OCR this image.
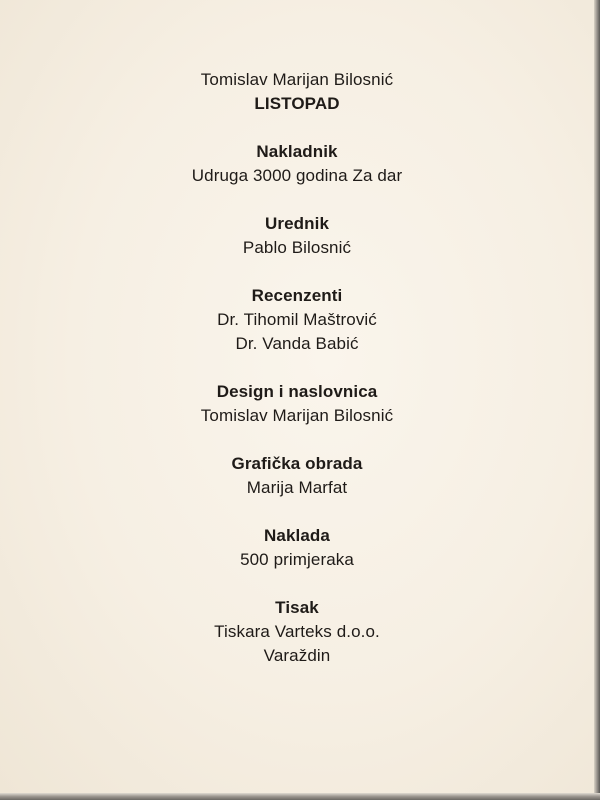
Tomislav Marijan Bilosnić
LISTOPAD
Nakladnik
Udruga 3000 godina Za dar
Urednik
Pablo Bilosnić
Recenzenti
Dr. Tihomil Maštrović
Dr. Vanda Babić
Design i naslovnica
Tomislav Marijan Bilosnić
Grafička obrada
Marija Marfat
Naklada
500 primjeraka
Tisak
Tiskara Varteks d.o.o.
Varaždin
